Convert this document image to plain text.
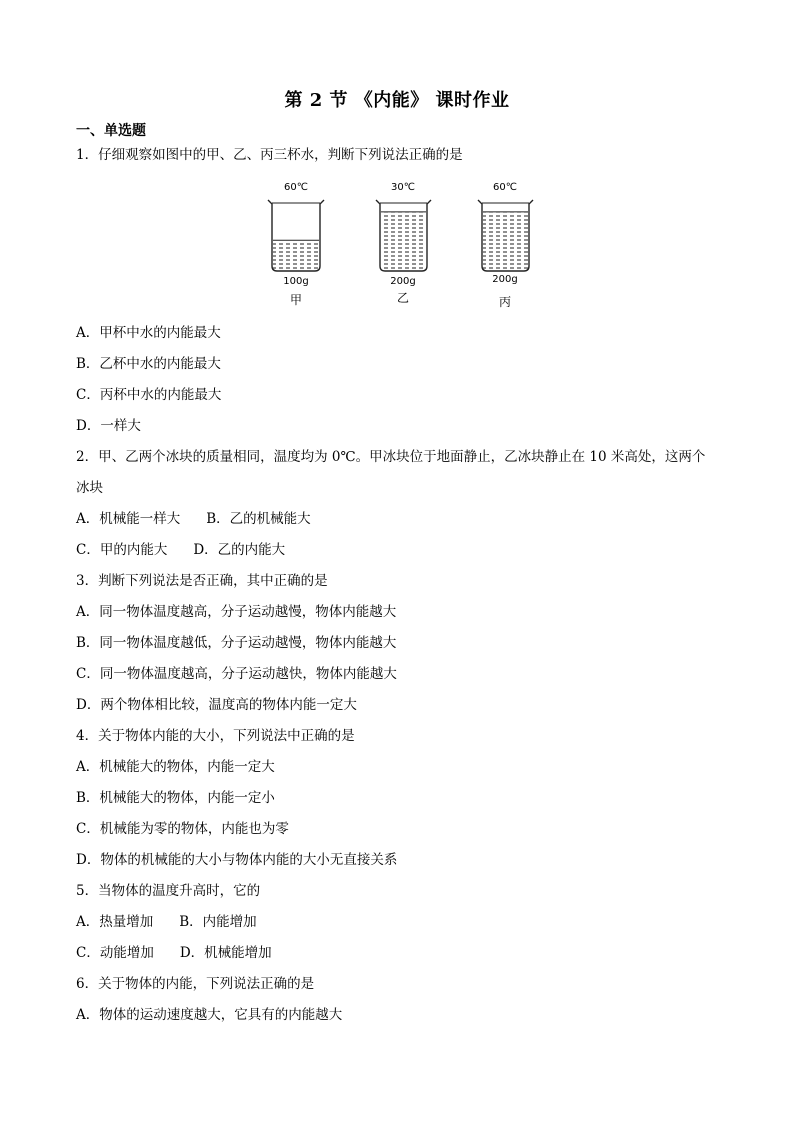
第 2 节 《内能》 课时作业
一、单选题
1．仔细观察如图中的甲、乙、丙三杯水，判断下列说法正确的是
60℃
100g
甲
30℃
200g
乙
60℃
200g
丙
A．甲杯中水的内能最大
B．乙杯中水的内能最大
C．丙杯中水的内能最大
D．一样大
2．甲、乙两个冰块的质量相同，温度均为 0℃。甲冰块位于地面静止，乙冰块静止在 10 米高处，这两个
冰块
A．机械能一样大 B．乙的机械能大
C．甲的内能大 D．乙的内能大
3．判断下列说法是否正确，其中正确的是
A．同一物体温度越高，分子运动越慢，物体内能越大
B．同一物体温度越低，分子运动越慢，物体内能越大
C．同一物体温度越高，分子运动越快，物体内能越大
D．两个物体相比较，温度高的物体内能一定大
4．关于物体内能的大小，下列说法中正确的是
A．机械能大的物体，内能一定大
B．机械能大的物体，内能一定小
C．机械能为零的物体，内能也为零
D．物体的机械能的大小与物体内能的大小无直接关系
5．当物体的温度升高时，它的
A．热量增加 B．内能增加
C．动能增加 D．机械能增加
6．关于物体的内能，下列说法正确的是
A．物体的运动速度越大，它具有的内能越大
